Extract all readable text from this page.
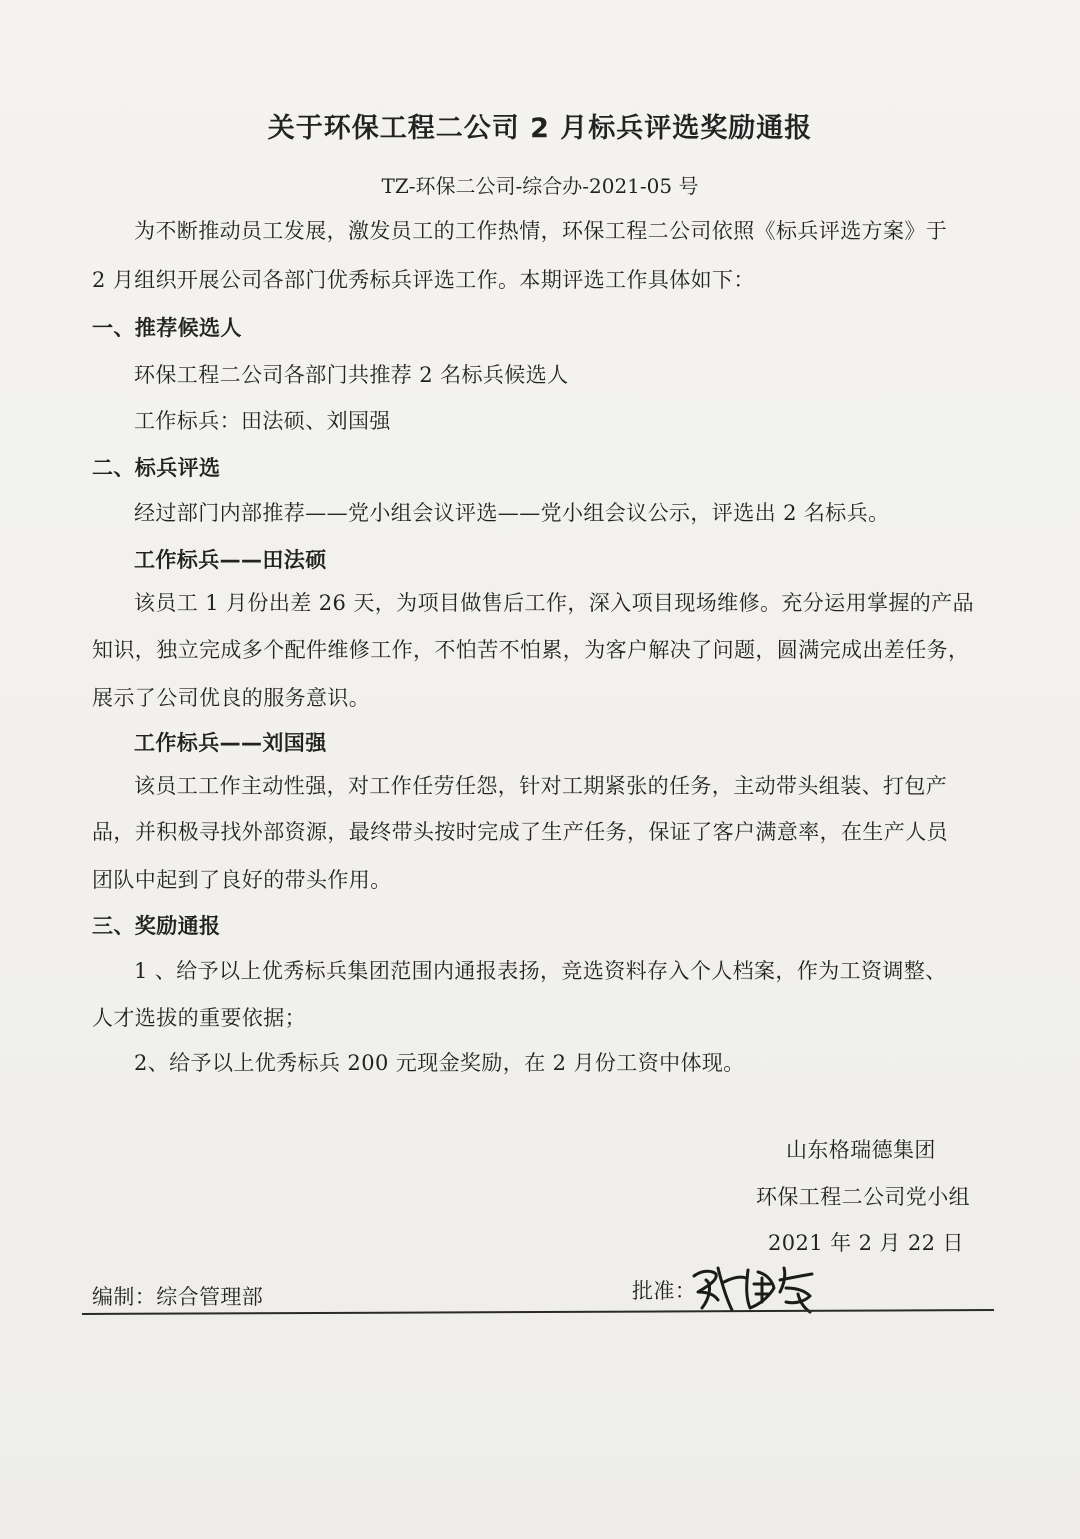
关于环保工程二公司 2 月标兵评选奖励通报
TZ-环保二公司-综合办-2021-05 号
为不断推动员工发展，激发员工的工作热情，环保工程二公司依照《标兵评选方案》于
2 月组织开展公司各部门优秀标兵评选工作。本期评选工作具体如下：
一、推荐候选人
环保工程二公司各部门共推荐 2 名标兵候选人
工作标兵：田法硕、刘国强
二、标兵评选
经过部门内部推荐——党小组会议评选——党小组会议公示，评选出 2 名标兵。
工作标兵——田法硕
该员工 1 月份出差 26 天，为项目做售后工作，深入项目现场维修。充分运用掌握的产品
知识，独立完成多个配件维修工作，不怕苦不怕累，为客户解决了问题，圆满完成出差任务，
展示了公司优良的服务意识。
工作标兵——刘国强
该员工工作主动性强，对工作任劳任怨，针对工期紧张的任务，主动带头组装、打包产
品，并积极寻找外部资源，最终带头按时完成了生产任务，保证了客户满意率，在生产人员
团队中起到了良好的带头作用。
三、奖励通报
1 、给予以上优秀标兵集团范围内通报表扬，竞选资料存入个人档案，作为工资调整、
人才选拔的重要依据；
2、给予以上优秀标兵 200 元现金奖励，在 2 月份工资中体现。
山东格瑞德集团
环保工程二公司党小组
2021 年 2 月 22 日
编制：综合管理部	批准：
